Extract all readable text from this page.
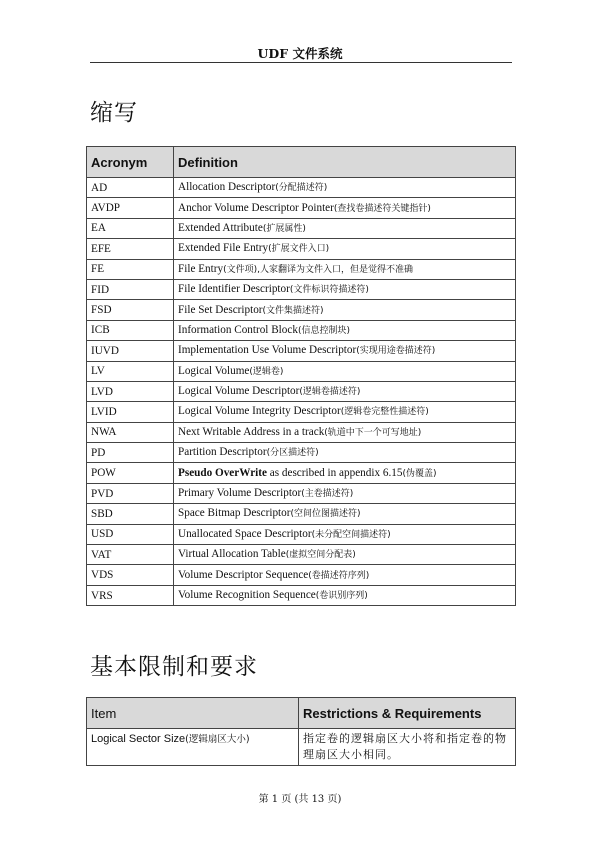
UDF 文件系统
缩写
Acronym	Definition
AD	Allocation Descriptor(分配描述符)
AVDP	Anchor Volume Descriptor Pointer(查找卷描述符关键指针)
EA	Extended Attribute(扩展属性)
EFE	Extended File Entry(扩展文件入口)
FE	File Entry(文件项),人家翻译为文件入口，但是觉得不准确
FID	File Identifier Descriptor(文件标识符描述符)
FSD	File Set Descriptor(文件集描述符)
ICB	Information Control Block(信息控制块)
IUVD	Implementation Use Volume Descriptor(实现用途卷描述符)
LV	Logical Volume(逻辑卷)
LVD	Logical Volume Descriptor(逻辑卷描述符)
LVID	Logical Volume Integrity Descriptor(逻辑卷完整性描述符)
NWA	Next Writable Address in a track(轨道中下一个可写地址)
PD	Partition Descriptor(分区描述符)
POW	Pseudo OverWrite as described in appendix 6.15(伪覆盖)
PVD	Primary Volume Descriptor(主卷描述符)
SBD	Space Bitmap Descriptor(空间位图描述符)
USD	Unallocated Space Descriptor(未分配空间描述符)
VAT	Virtual Allocation Table(虚拟空间分配表)
VDS	Volume Descriptor Sequence(卷描述符序列)
VRS	Volume Recognition Sequence(卷识别序列)
基本限制和要求
Item	Restrictions & Requirements
Logical Sector Size(逻辑扇区大小)	指定卷的逻辑扇区大小将和指定卷的物理扇区大小相同。
第 1 页 (共 13 页)
